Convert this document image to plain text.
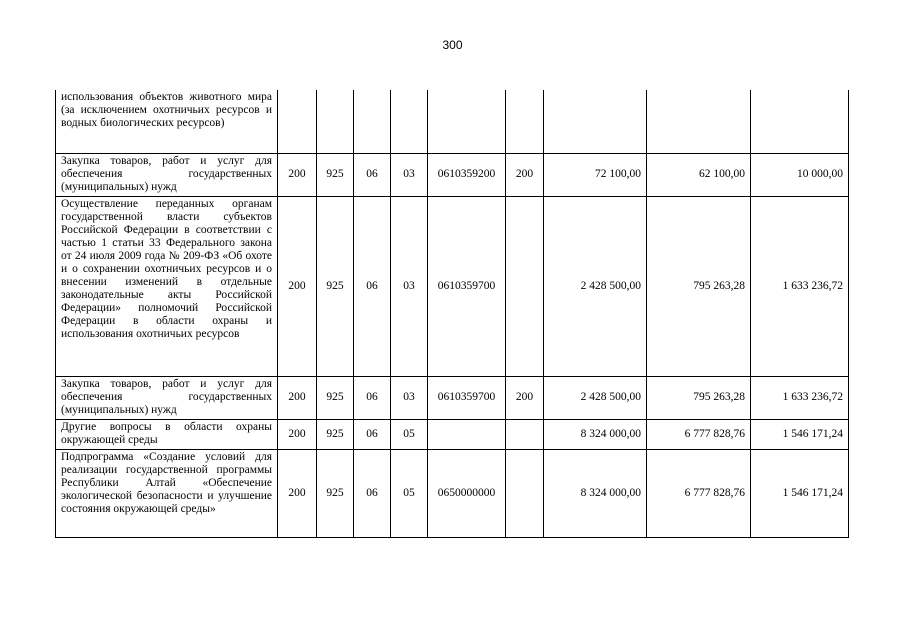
300
использования объектов животного мира (за исключением охотничьих ресурсов и водных биологических ресурсов)									
Закупка товаров, работ и услуг для обеспечения государственных (муниципальных) нужд	200	925	06	03	0610359200	200	72 100,00	62 100,00	10 000,00
Осуществление переданных органам государственной власти субъектов Российской Федерации в соответствии с частью 1 статьи 33 Федерального закона от 24 июля 2009 года № 209-ФЗ «Об охоте и о сохранении охотничьих ресурсов и о внесении изменений в отдельные законодательные акты Российской Федерации» полномочий Российской Федерации в области охраны и использования охотничьих ресурсов	200	925	06	03	0610359700		2 428 500,00	795 263,28	1 633 236,72
Закупка товаров, работ и услуг для обеспечения государственных (муниципальных) нужд	200	925	06	03	0610359700	200	2 428 500,00	795 263,28	1 633 236,72
Другие вопросы в области охраны окружающей среды	200	925	06	05			8 324 000,00	6 777 828,76	1 546 171,24
Подпрограмма «Создание условий для реализации государственной программы Республики Алтай «Обеспечение экологической безопасности и улучшение состояния окружающей среды»	200	925	06	05	0650000000		8 324 000,00	6 777 828,76	1 546 171,24
